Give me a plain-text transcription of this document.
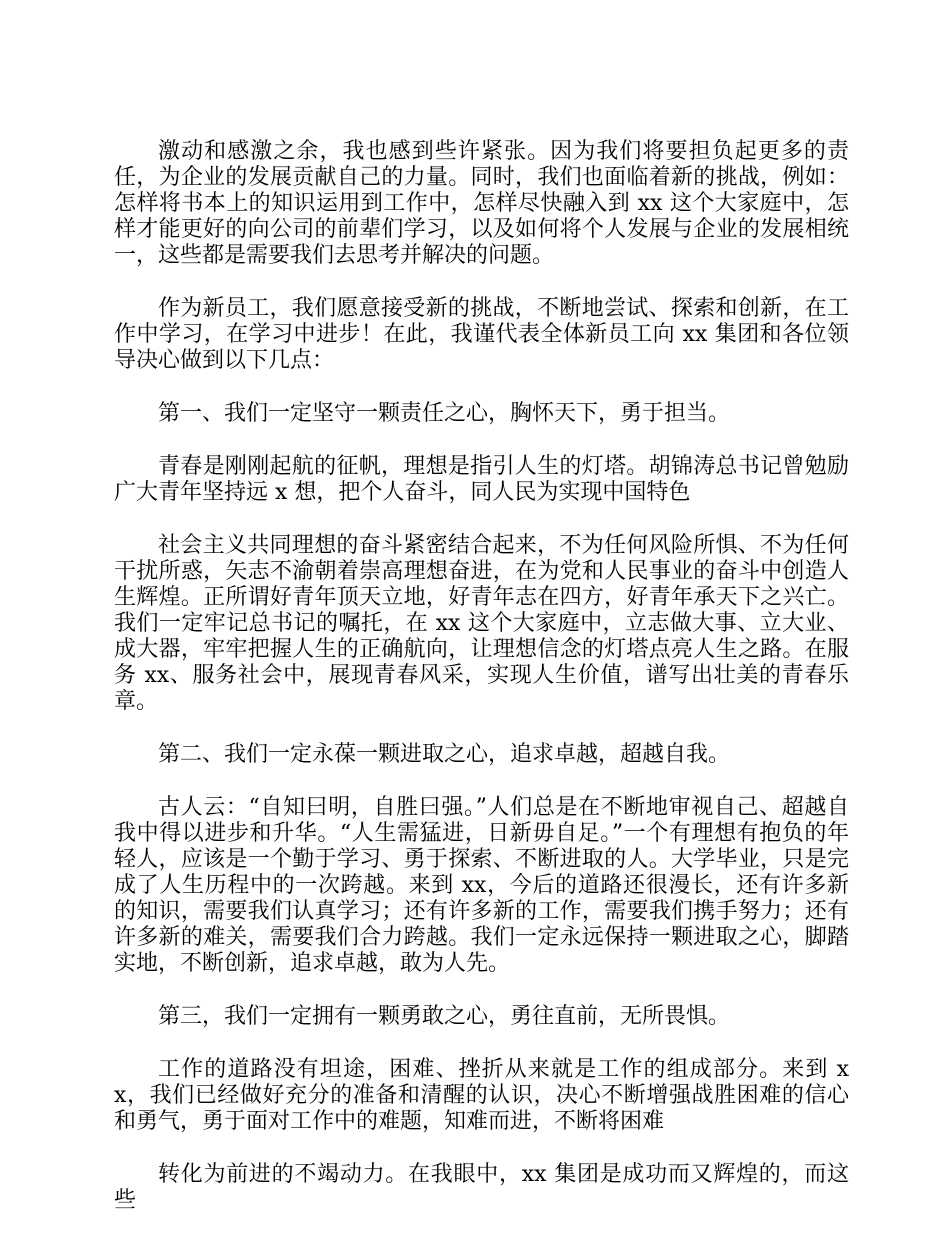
激动和感激之余，我也感到些许紧张。因为我们将要担负起更多的责任，为企业的发展贡献自己的力量。同时，我们也面临着新的挑战，例如：怎样将书本上的知识运用到工作中，怎样尽快融入到 xx 这个大家庭中，怎样才能更好的向公司的前辈们学习，以及如何将个人发展与企业的发展相统一，这些都是需要我们去思考并解决的问题。

作为新员工，我们愿意接受新的挑战，不断地尝试、探索和创新，在工作中学习，在学习中进步！在此，我谨代表全体新员工向 xx 集团和各位领导决心做到以下几点：

第一、我们一定坚守一颗责任之心，胸怀天下，勇于担当。

青春是刚刚起航的征帆，理想是指引人生的灯塔。胡锦涛总书记曾勉励广大青年坚持远 x 想，把个人奋斗，同人民为实现中国特色

社会主义共同理想的奋斗紧密结合起来，不为任何风险所惧、不为任何干扰所惑，矢志不渝朝着崇高理想奋进，在为党和人民事业的奋斗中创造人生辉煌。正所谓好青年顶天立地，好青年志在四方，好青年承天下之兴亡。我们一定牢记总书记的嘱托，在 xx 这个大家庭中，立志做大事、立大业、成大器，牢牢把握人生的正确航向，让理想信念的灯塔点亮人生之路。在服务 xx、服务社会中，展现青春风采，实现人生价值，谱写出壮美的青春乐章。

第二、我们一定永葆一颗进取之心，追求卓越，超越自我。

古人云：“自知曰明，自胜曰强。”人们总是在不断地审视自己、超越自我中得以进步和升华。“人生需猛进，日新毋自足。”一个有理想有抱负的年轻人，应该是一个勤于学习、勇于探索、不断进取的人。大学毕业，只是完成了人生历程中的一次跨越。来到 xx，今后的道路还很漫长，还有许多新的知识，需要我们认真学习；还有许多新的工作，需要我们携手努力；还有许多新的难关，需要我们合力跨越。我们一定永远保持一颗进取之心，脚踏实地，不断创新，追求卓越，敢为人先。

第三，我们一定拥有一颗勇敢之心，勇往直前，无所畏惧。

工作的道路没有坦途，困难、挫折从来就是工作的组成部分。来到 xx，我们已经做好充分的准备和清醒的认识，决心不断增强战胜困难的信心和勇气，勇于面对工作中的难题，知难而进，不断将困难

转化为前进的不竭动力。在我眼中，xx 集团是成功而又辉煌的，而这些
